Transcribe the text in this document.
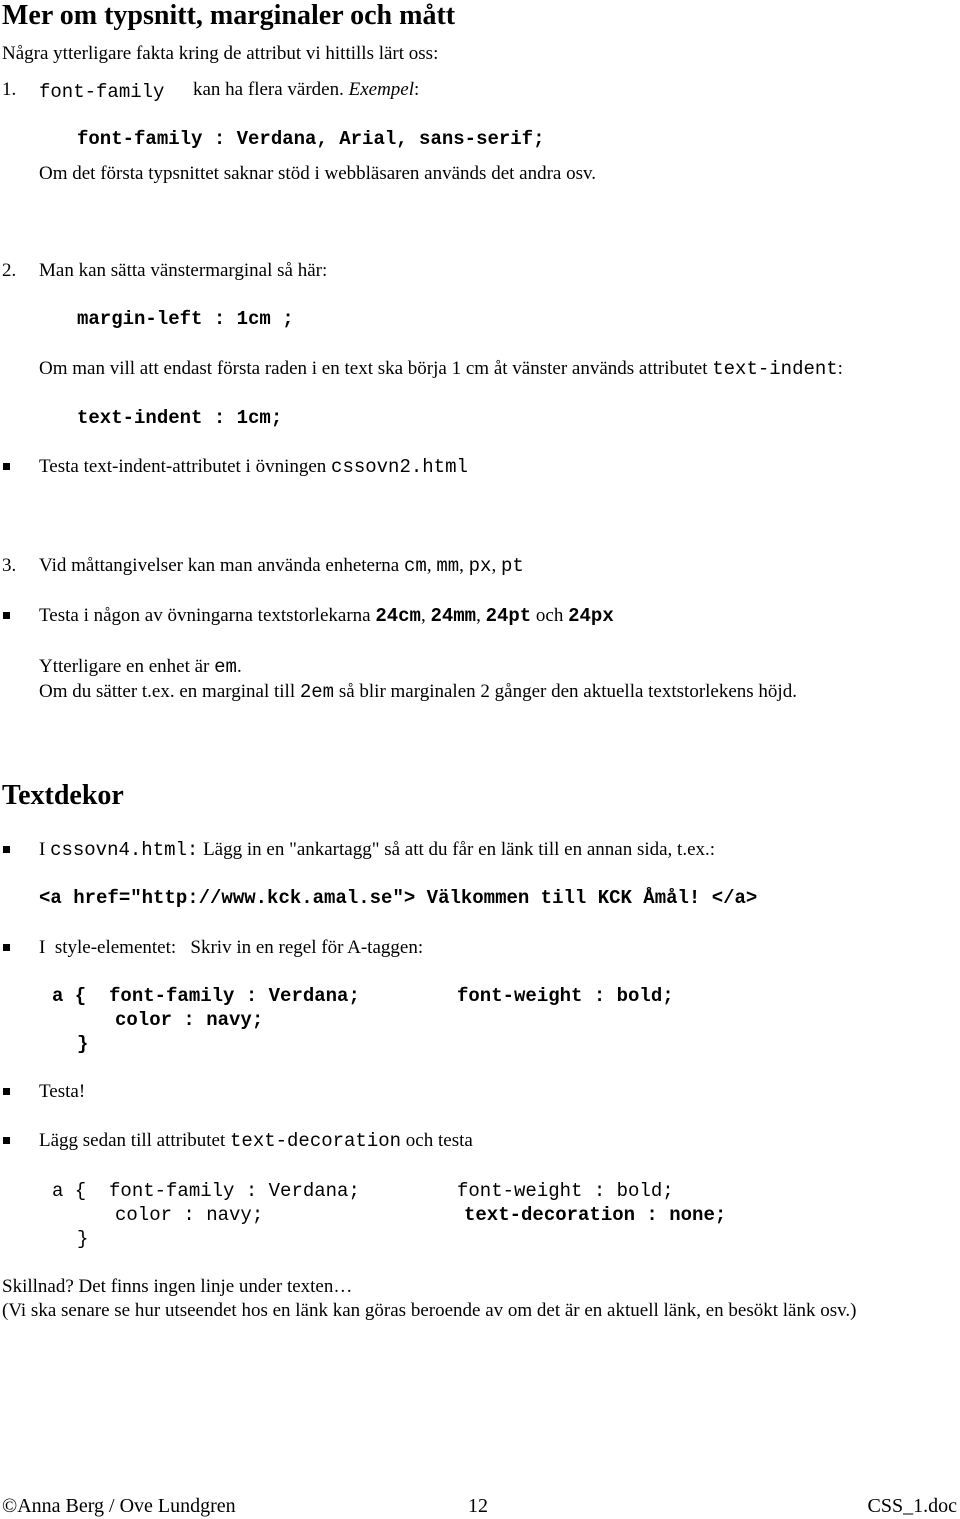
Mer om typsnitt, marginaler och mått
Några ytterligare fakta kring de attribut vi hittills lärt oss:
1. font-family kan ha flera värden. Exempel:
font-family : Verdana, Arial, sans-serif;
Om det första typsnittet saknar stöd i webbläsaren används det andra osv.
2. Man kan sätta vänstermarginal så här:
margin-left : 1cm ;
Om man vill att endast första raden i en text ska börja 1 cm åt vänster används attributet text-indent:
text-indent : 1cm;
Testa text-indent-attributet i övningen cssovn2.html
3. Vid måttangivelser kan man använda enheterna cm, mm, px, pt
Testa i någon av övningarna textstorlekarna 24cm, 24mm, 24pt och 24px
Ytterligare en enhet är em.
Om du sätter t.ex. en marginal till 2em så blir marginalen 2 gånger den aktuella textstorlekens höjd.
Textdekor
I cssovn4.html: Lägg in en "ankartagg" så att du får en länk till en annan sida, t.ex.:
<a href="http://www.kck.amal.se"> Välkommen till KCK Åmål! </a>
I  style-elementet:   Skriv in en regel för A-taggen:
a {  font-family : Verdana;	font-weight : bold;
color : navy;
}
Testa!
Lägg sedan till attributet text-decoration och testa
a {  font-family : Verdana;	font-weight : bold;
color : navy;	text-decoration : none;
}
Skillnad? Det finns ingen linje under texten…
(Vi ska senare se hur utseendet hos en länk kan göras beroende av om det är en aktuell länk, en besökt länk osv.)
©Anna Berg / Ove Lundgren	12	CSS_1.doc
